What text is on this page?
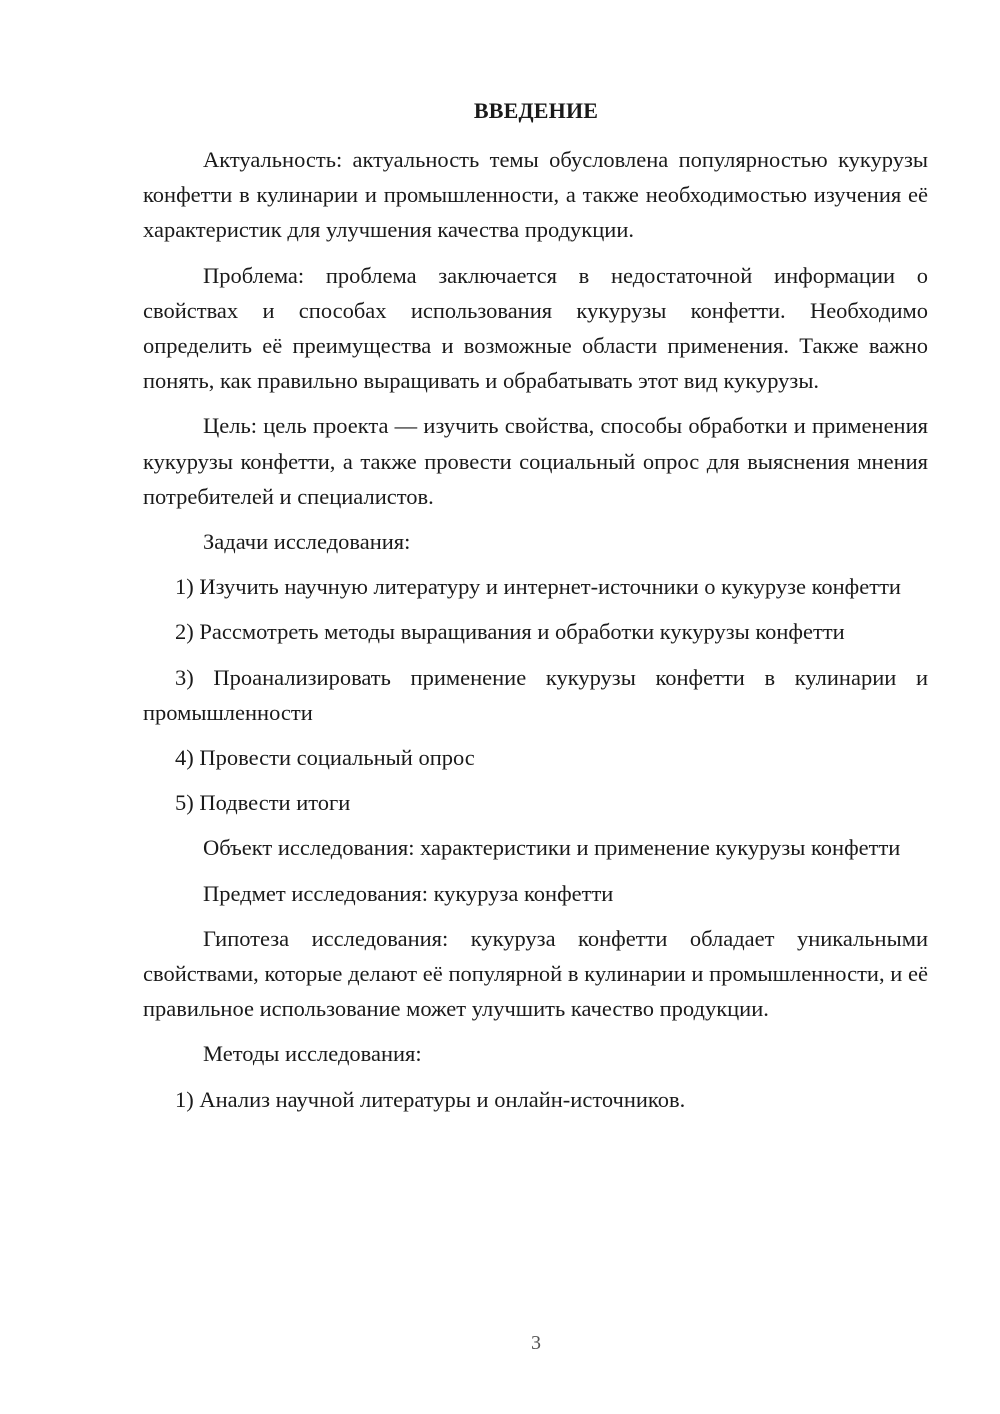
ВВЕДЕНИЕ

Актуальность: актуальность темы обусловлена популярностью кукурузы конфетти в кулинарии и промышленности, а также необходимостью изучения её характеристик для улучшения качества продукции.

Проблема: проблема заключается в недостаточной информации о свойствах и способах использования кукурузы конфетти. Необходимо определить её преимущества и возможные области применения. Также важно понять, как правильно выращивать и обрабатывать этот вид кукурузы.

Цель: цель проекта — изучить свойства, способы обработки и применения кукурузы конфетти, а также провести социальный опрос для выяснения мнения потребителей и специалистов.

Задачи исследования:

1) Изучить научную литературу и интернет-источники о кукурузе конфетти

2) Рассмотреть методы выращивания и обработки кукурузы конфетти

3) Проанализировать применение кукурузы конфетти в кулинарии и промышленности

4) Провести социальный опрос

5) Подвести итоги

Объект исследования: характеристики и применение кукурузы конфетти

Предмет исследования: кукуруза конфетти

Гипотеза исследования: кукуруза конфетти обладает уникальными свойствами, которые делают её популярной в кулинарии и промышленности, и её правильное использование может улучшить качество продукции.

Методы исследования:

1) Анализ научной литературы и онлайн-источников.

3
